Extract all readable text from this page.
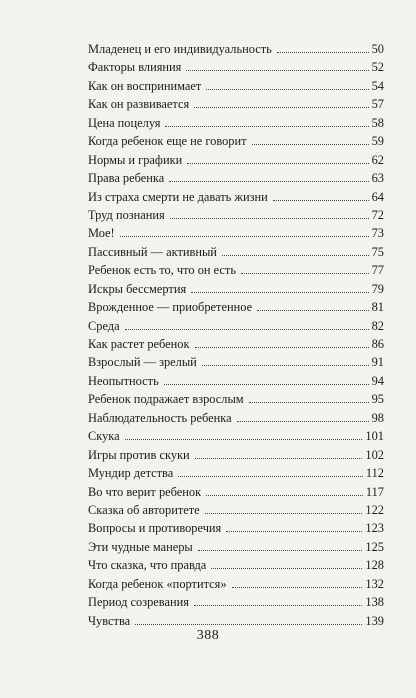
Младенец и его индивидуальность	50
Факторы влияния	52
Как он воспринимает	54
Как он развивается	57
Цена поцелуя	58
Когда ребенок еще не говорит	59
Нормы и графики	62
Права ребенка	63
Из страха смерти не давать жизни	64
Труд познания	72
Мое!	73
Пассивный — активный	75
Ребенок есть то, что он есть	77
Искры бессмертия	79
Врожденное — приобретенное	81
Среда	82
Как растет ребенок	86
Взрослый — зрелый	91
Неопытность	94
Ребенок подражает взрослым	95
Наблюдательность ребенка	98
Скука	101
Игры против скуки	102
Мундир детства	112
Во что верит ребенок	117
Сказка об авторитете	122
Вопросы и противоречия	123
Эти чудные манеры	125
Что сказка, что правда	128
Когда ребенок «портится»	132
Период созревания	138
Чувства	139
388
